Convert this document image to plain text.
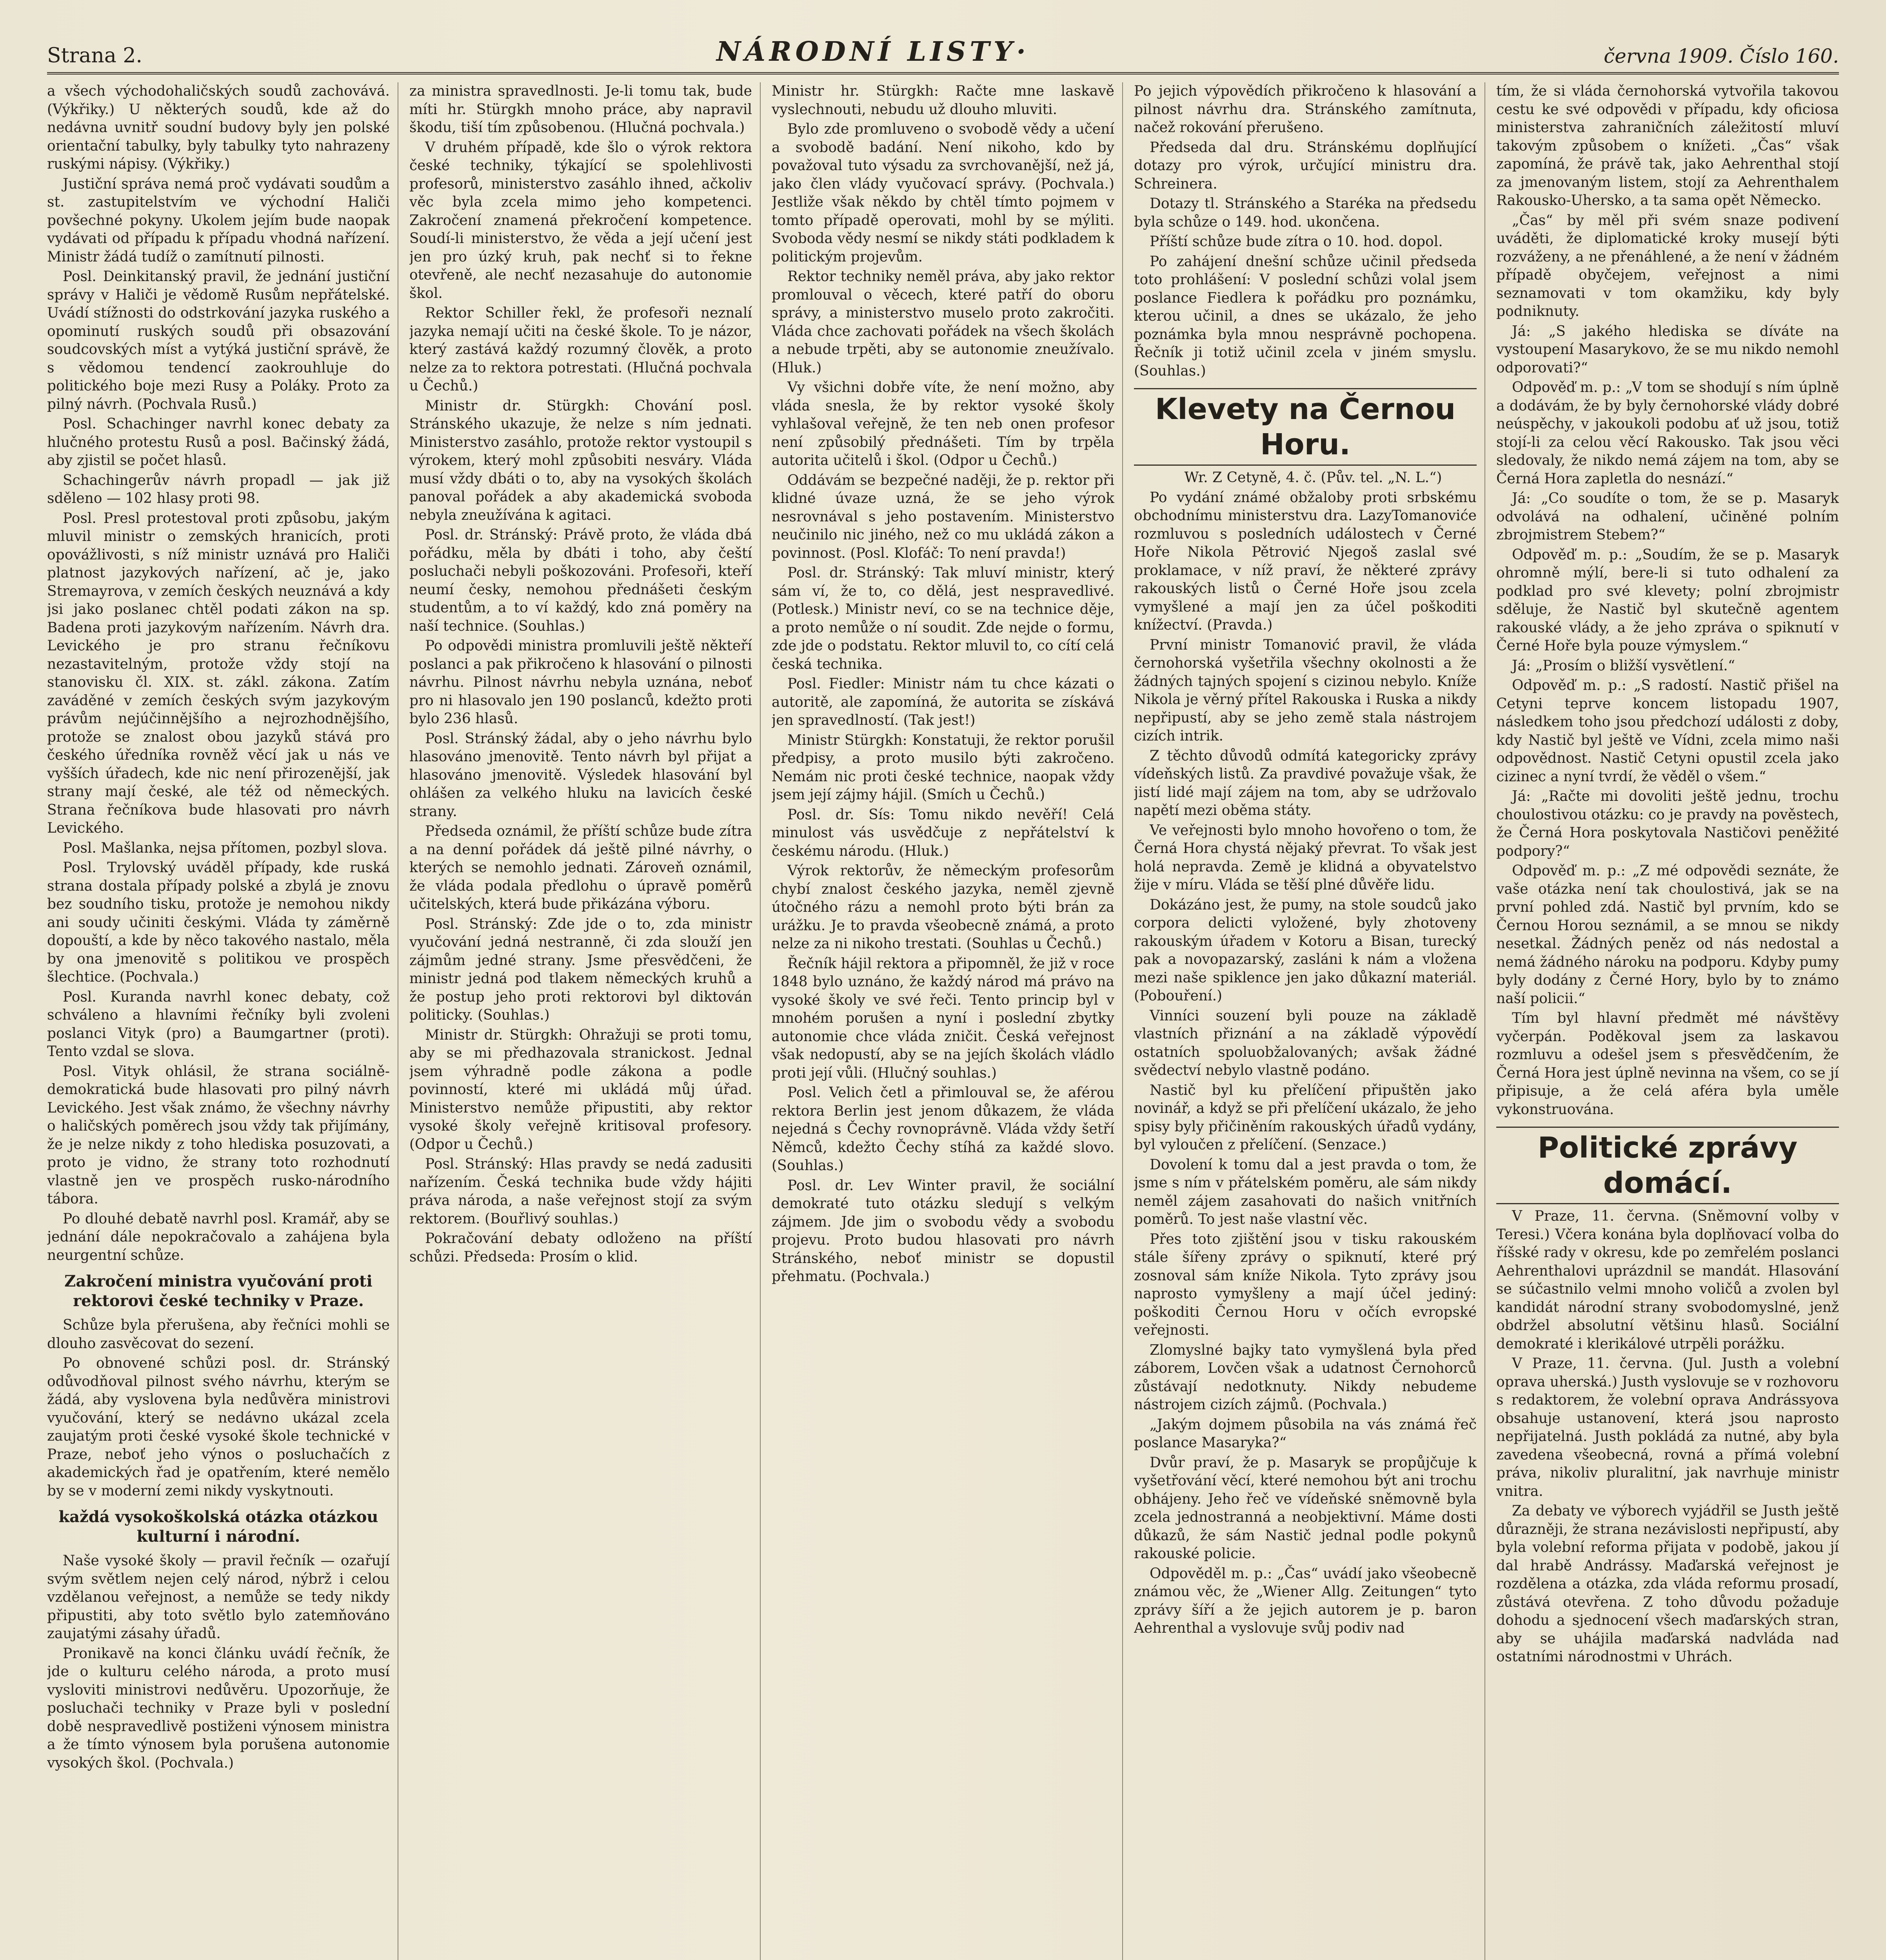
Strana 2.	NÁRODNÍ LISTY·	června 1909. Číslo 160.

a všech východohaličských soudů zachovává. (Výkřiky.) U některých soudů, kde až do nedávna uvnitř soudní budovy byly jen polské orientační tabulky, byly tabulky tyto nahrazeny ruskými nápisy. (Výkřiky.)

Justiční správa nemá proč vydávati soudům a st. zastupitelstvím ve východní Haliči povšechné pokyny. Ukolem jejím bude naopak vydávati od případu k případu vhodná nařízení. Ministr žádá tudíž o zamítnutí pilnosti.

Posl. Deinkitanský pravil, že jednání justiční správy v Haliči je vědomě Rusům nepřátelské. Uvádí stížnosti do odstrkování jazyka ruského a opominutí ruských soudů při obsazování soudcovských míst a vytýká justiční správě, že s vědomou tendencí zaokrouhluje do politického boje mezi Rusy a Poláky. Proto za pilný návrh. (Pochvala Rusů.)

Posl. Schachinger navrhl konec debaty za hlučného protestu Rusů a posl. Bačinský žádá, aby zjistil se počet hlasů.

Schachingerův návrh propadl — jak již sděleno — 102 hlasy proti 98.

Posl. Presl protestoval proti způsobu, jakým mluvil ministr o zemských hranicích, proti opovážlivosti, s níž ministr uznává pro Haliči platnost jazykových nařízení, ač je, jako Stremayrova, v zemích českých neuznává a kdy jsi jako poslanec chtěl podati zákon na sp. Badena proti jazykovým nařízením. Návrh dra. Levického je pro stranu řečníkovu nezastavitelným, protože vždy stojí na stanovisku čl. XIX. st. zákl. zákona. Zatím zaváděné v zemích českých svým jazykovým právům nejúčinnějšího a nejrozhodnějšího, protože se znalost obou jazyků stává pro českého úředníka rovněž věcí jak u nás ve vyšších úřadech, kde nic není přirozenější, jak strany mají české, ale též od německých. Strana řečníkova bude hlasovati pro návrh Levického.

Posl. Mašlanka, nejsa přítomen, pozbyl slova.

Posl. Trylovský uváděl případy, kde ruská strana dostala případy polské a zbylá je znovu bez soudního tisku, protože je nemohou nikdy ani soudy učiniti českými. Vláda ty záměrně dopouští, a kde by něco takového nastalo, měla by ona jmenovitě s politikou ve prospěch šlechtice. (Pochvala.)

Posl. Kuranda navrhl konec debaty, což schváleno a hlavními řečníky byli zvoleni poslanci Vityk (pro) a Baumgartner (proti). Tento vzdal se slova.

Posl. Vityk ohlásil, že strana sociálně-demokratická bude hlasovati pro pilný návrh Levického. Jest však známo, že všechny návrhy o haličských poměrech jsou vždy tak přijímány, že je nelze nikdy z toho hlediska posuzovati, a proto je vidno, že strany toto rozhodnutí vlastně jen ve prospěch rusko-národního tábora.

Po dlouhé debatě navrhl posl. Kramář, aby se jednání dále nepokračovalo a zahájena byla neurgentní schůze.

Zakročení ministra vyučování proti rektorovi české techniky v Praze.

Schůze byla přerušena, aby řečníci mohli se dlouho zasvěcovat do sezení.

Po obnovené schůzi posl. dr. Stránský odůvodňoval pilnost svého návrhu, kterým se žádá, aby vyslovena byla nedůvěra ministrovi vyučování, který se nedávno ukázal zcela zaujatým proti české vysoké škole technické v Praze, neboť jeho výnos o posluchačích z akademických řad je opatřením, které nemělo by se v moderní zemi nikdy vyskytnouti.

každá vysokoškolská otázka otázkou kulturní i národní.

Naše vysoké školy — pravil řečník — ozařují svým světlem nejen celý národ, nýbrž i celou vzdělanou veřejnost, a nemůže se tedy nikdy připustiti, aby toto světlo bylo zatemňováno zaujatými zásahy úřadů.

Pronikavě na konci článku uvádí řečník, že jde o kulturu celého národa, a proto musí vysloviti ministrovi nedůvěru. Upozorňuje, že posluchači techniky v Praze byli v poslední době nespravedlivě postiženi výnosem ministra a že tímto výnosem byla porušena autonomie vysokých škol. (Pochvala.)

za ministra spravedlnosti. Je-li tomu tak, bude míti hr. Stürgkh mnoho práce, aby napravil škodu, tiší tím způsobenou. (Hlučná pochvala.)

V druhém případě, kde šlo o výrok rektora české techniky, týkající se spolehlivosti profesorů, ministerstvo zasáhlo ihned, ačkoliv věc byla zcela mimo jeho kompetenci. Zakročení znamená překročení kompetence. Soudí-li ministerstvo, že věda a její učení jest jen pro úzký kruh, pak nechť si to řekne otevřeně, ale nechť nezasahuje do autonomie škol.

Rektor Schiller řekl, že profesoři neznalí jazyka nemají učiti na české škole. To je názor, který zastává každý rozumný člověk, a proto nelze za to rektora potrestati. (Hlučná pochvala u Čechů.)

Ministr dr. Stürgkh: Chování posl. Stránského ukazuje, že nelze s ním jednati. Ministerstvo zasáhlo, protože rektor vystoupil s výrokem, který mohl způsobiti nesváry. Vláda musí vždy dbáti o to, aby na vysokých školách panoval pořádek a aby akademická svoboda nebyla zneužívána k agitaci.

Posl. dr. Stránský: Právě proto, že vláda dbá pořádku, měla by dbáti i toho, aby čeští posluchači nebyli poškozováni. Profesoři, kteří neumí česky, nemohou přednášeti českým studentům, a to ví každý, kdo zná poměry na naší technice. (Souhlas.)

Po odpovědi ministra promluvili ještě někteří poslanci a pak přikročeno k hlasování o pilnosti návrhu. Pilnost návrhu nebyla uznána, neboť pro ni hlasovalo jen 190 poslanců, kdežto proti bylo 236 hlasů.

Posl. Stránský žádal, aby o jeho návrhu bylo hlasováno jmenovitě. Tento návrh byl přijat a hlasováno jmenovitě. Výsledek hlasování byl ohlášen za velkého hluku na lavicích české strany.

Předseda oznámil, že příští schůze bude zítra a na denní pořádek dá ještě pilné návrhy, o kterých se nemohlo jednati. Zároveň oznámil, že vláda podala předlohu o úpravě poměrů učitelských, která bude přikázána výboru.

Posl. Stránský: Zde jde o to, zda ministr vyučování jedná nestranně, či zda slouží jen zájmům jedné strany. Jsme přesvědčeni, že ministr jedná pod tlakem německých kruhů a že postup jeho proti rektorovi byl diktován politicky. (Souhlas.)

Ministr dr. Stürgkh: Ohražuji se proti tomu, aby se mi předhazovala stranickost. Jednal jsem výhradně podle zákona a podle povinností, které mi ukládá můj úřad. Ministerstvo nemůže připustiti, aby rektor vysoké školy veřejně kritisoval profesory. (Odpor u Čechů.)

Posl. Stránský: Hlas pravdy se nedá zadusiti nařízením. Česká technika bude vždy hájiti práva národa, a naše veřejnost stojí za svým rektorem. (Bouřlivý souhlas.)

Pokračování debaty odloženo na příští schůzi. Předseda: Prosím o klid.

Ministr hr. Stürgkh: Račte mne laskavě vyslechnouti, nebudu už dlouho mluviti.

Bylo zde promluveno o svobodě vědy a učení a svobodě badání. Není nikoho, kdo by považoval tuto výsadu za svrchovanější, než já, jako člen vlády vyučovací správy. (Pochvala.) Jestliže však někdo by chtěl tímto pojmem v tomto případě operovati, mohl by se mýliti. Svoboda vědy nesmí se nikdy státi podkladem k politickým projevům.

Rektor techniky neměl práva, aby jako rektor promlouval o věcech, které patří do oboru správy, a ministerstvo muselo proto zakročiti. Vláda chce zachovati pořádek na všech školách a nebude trpěti, aby se autonomie zneužívalo. (Hluk.)

Vy všichni dobře víte, že není možno, aby vláda snesla, že by rektor vysoké školy vyhlašoval veřejně, že ten neb onen profesor není způsobilý přednášeti. Tím by trpěla autorita učitelů i škol. (Odpor u Čechů.)

Oddávám se bezpečné naději, že p. rektor při klidné úvaze uzná, že se jeho výrok nesrovnával s jeho postavením. Ministerstvo neučinilo nic jiného, než co mu ukládá zákon a povinnost. (Posl. Klofáč: To není pravda!)

Posl. dr. Stránský: Tak mluví ministr, který sám ví, že to, co dělá, jest nespravedlivé. (Potlesk.) Ministr neví, co se na technice děje, a proto nemůže o ní soudit. Zde nejde o formu, zde jde o podstatu. Rektor mluvil to, co cítí celá česká technika.

Posl. Fiedler: Ministr nám tu chce kázati o autoritě, ale zapomíná, že autorita se získává jen spravedlností. (Tak jest!)

Ministr Stürgkh: Konstatuji, že rektor porušil předpisy, a proto musilo býti zakročeno. Nemám nic proti české technice, naopak vždy jsem její zájmy hájil. (Smích u Čechů.)

Posl. dr. Sís: Tomu nikdo nevěří! Celá minulost vás usvědčuje z nepřátelství k českému národu. (Hluk.)

Výrok rektorův, že německým profesorům chybí znalost českého jazyka, neměl zjevně útočného rázu a nemohl proto býti brán za urážku. Je to pravda všeobecně známá, a proto nelze za ni nikoho trestati. (Souhlas u Čechů.)

Řečník hájil rektora a připomněl, že již v roce 1848 bylo uznáno, že každý národ má právo na vysoké školy ve své řeči. Tento princip byl v mnohém porušen a nyní i poslední zbytky autonomie chce vláda zničit. Česká veřejnost však nedopustí, aby se na jejích školách vládlo proti její vůli. (Hlučný souhlas.)

Posl. Velich četl a přimlouval se, že aférou rektora Berlin jest jenom důkazem, že vláda nejedná s Čechy rovnoprávně. Vláda vždy šetří Němců, kdežto Čechy stíhá za každé slovo. (Souhlas.)

Posl. dr. Lev Winter pravil, že sociální demokraté tuto otázku sledují s velkým zájmem. Jde jim o svobodu vědy a svobodu projevu. Proto budou hlasovati pro návrh Stránského, neboť ministr se dopustil přehmatu. (Pochvala.)

Po jejich výpovědích přikročeno k hlasování a pilnost návrhu dra. Stránského zamítnuta, načež rokování přerušeno.

Předseda dal dru. Stránskému doplňující dotazy pro výrok, určující ministru dra. Schreinera.

Dotazy tl. Stránského a Staréka na předsedu byla schůze o 149. hod. ukončena.

Příští schůze bude zítra o 10. hod. dopol.

Po zahájení dnešní schůze učinil předseda toto prohlášení: V poslední schůzi volal jsem poslance Fiedlera k pořádku pro poznámku, kterou učinil, a dnes se ukázalo, že jeho poznámka byla mnou nesprávně pochopena. Řečník ji totiž učinil zcela v jiném smyslu. (Souhlas.)

Klevety na Černou Horu.

Wr. Z Cetyně, 4. č. (Pův. tel. „N. L.“)

Po vydání známé obžaloby proti srbskému obchodnímu ministerstvu dra. LazyTomanoviće rozmluvou s posledních událostech v Černé Hoře Nikola Pětrović Njegoš zaslal své proklamace, v níž praví, že některé zprávy rakouských listů o Černé Hoře jsou zcela vymyšlené a mají jen za účel poškoditi knížectví. (Pravda.)

První ministr Tomanović pravil, že vláda černohorská vyšetřila všechny okolnosti a že žádných tajných spojení s cizinou nebylo. Kníže Nikola je věrný přítel Rakouska i Ruska a nikdy nepřipustí, aby se jeho země stala nástrojem cizích intrik.

Z těchto důvodů odmítá kategoricky zprávy vídeňských listů. Za pravdivé považuje však, že jistí lidé mají zájem na tom, aby se udržovalo napětí mezi oběma státy.

Ve veřejnosti bylo mnoho hovořeno o tom, že Černá Hora chystá nějaký převrat. To však jest holá nepravda. Země je klidná a obyvatelstvo žije v míru. Vláda se těší plné důvěře lidu.

Dokázáno jest, že pumy, na stole soudců jako corpora delicti vyložené, byly zhotoveny rakouským úřadem v Kotoru a Bisan, turecký pak a novopazarský, zasláni k nám a vložena mezi naše spiklence jen jako důkazní materiál. (Pobouření.)

Vinníci souzení byli pouze na základě vlastních přiznání a na základě výpovědí ostatních spoluobžalovaných; avšak žádné svědectví nebylo vlastně podáno.

Nastič byl ku přelíčení připuštěn jako novinář, a když se při přelíčení ukázalo, že jeho spisy byly přičiněním rakouských úřadů vydány, byl vyloučen z přelíčení. (Senzace.)

Dovolení k tomu dal a jest pravda o tom, že jsme s ním v přátelském poměru, ale sám nikdy neměl zájem zasahovati do našich vnitřních poměrů. To jest naše vlastní věc.

Přes toto zjištění jsou v tisku rakouském stále šířeny zprávy o spiknutí, které prý zosnoval sám kníže Nikola. Tyto zprávy jsou naprosto vymyšleny a mají účel jediný: poškoditi Černou Horu v očích evropské veřejnosti.

Zlomyslné bajky tato vymyšlená byla před záborem, Lovčen však a udatnost Černohorců zůstávají nedotknuty. Nikdy nebudeme nástrojem cizích zájmů. (Pochvala.)

„Jakým dojmem působila na vás známá řeč poslance Masaryka?“

Dvůr praví, že p. Masaryk se propůjčuje k vyšetřování věcí, které nemohou být ani trochu obhájeny. Jeho řeč ve vídeňské sněmovně byla zcela jednostranná a neobjektivní. Máme dosti důkazů, že sám Nastič jednal podle pokynů rakouské policie.

Odpověděl m. p.: „Čas“ uvádí jako všeobecně známou věc, že „Wiener Allg. Zeitungen“ tyto zprávy šíří a že jejich autorem je p. baron Aehrenthal a vyslovuje svůj podiv nad

tím, že si vláda černohorská vytvořila takovou cestu ke své odpovědi v případu, kdy oficiosa ministerstva zahraničních záležitostí mluví takovým způsobem o knížeti. „Čas“ však zapomíná, že právě tak, jako Aehrenthal stojí za jmenovaným listem, stojí za Aehrenthalem Rakousko-Uhersko, a ta sama opět Německo.

„Čas“ by měl při svém snaze podivení uváděti, že diplomatické kroky musejí býti rozváženy, a ne přenáhlené, a že není v žádném případě obyčejem, veřejnost a nimi seznamovati v tom okamžiku, kdy byly podniknuty.

Já: „S jakého hlediska se díváte na vystoupení Masarykovo, že se mu nikdo nemohl odporovati?“

Odpověď m. p.: „V tom se shodují s ním úplně a dodávám, že by byly černohorské vlády dobré neúspěchy, v jakoukoli podobu ať už jsou, totiž stojí-li za celou věcí Rakousko. Tak jsou věci sledovaly, že nikdo nemá zájem na tom, aby se Černá Hora zapletla do nesnází.“

Já: „Co soudíte o tom, že se p. Masaryk odvolává na odhalení, učiněné polním zbrojmistrem Stebem?“

Odpověď m. p.: „Soudím, že se p. Masaryk ohromně mýlí, bere-li si tuto odhalení za podklad pro své klevety; polní zbrojmistr sděluje, že Nastič byl skutečně agentem rakouské vlády, a že jeho zpráva o spiknutí v Černé Hoře byla pouze výmyslem.“

Já: „Prosím o bližší vysvětlení.“

Odpověď m. p.: „S radostí. Nastič přišel na Cetyni teprve koncem listopadu 1907, následkem toho jsou předchozí události z doby, kdy Nastič byl ještě ve Vídni, zcela mimo naši odpovědnost. Nastič Cetyni opustil zcela jako cizinec a nyní tvrdí, že věděl o všem.“

Já: „Račte mi dovoliti ještě jednu, trochu choulostivou otázku: co je pravdy na pověstech, že Černá Hora poskytovala Nastičovi peněžité podpory?“

Odpověď m. p.: „Z mé odpovědi seznáte, že vaše otázka není tak choulostivá, jak se na první pohled zdá. Nastič byl prvním, kdo se Černou Horou seznámil, a se mnou se nikdy nesetkal. Žádných peněz od nás nedostal a nemá žádného nároku na podporu. Kdyby pumy byly dodány z Černé Hory, bylo by to známo naší policii.“

Tím byl hlavní předmět mé návštěvy vyčerpán. Poděkoval jsem za laskavou rozmluvu a odešel jsem s přesvědčením, že Černá Hora jest úplně nevinna na všem, co se jí připisuje, a že celá aféra byla uměle vykonstruována.

Politické zprávy domácí.

V Praze, 11. června. (Sněmovní volby v Teresi.) Včera konána byla doplňovací volba do říšské rady v okresu, kde po zemřelém poslanci Aehrenthalovi uprázdnil se mandát. Hlasování se súčastnilo velmi mnoho voličů a zvolen byl kandidát národní strany svobodomyslné, jenž obdržel absolutní většinu hlasů. Sociální demokraté i klerikálové utrpěli porážku.

V Praze, 11. června. (Jul. Justh a volební oprava uherská.) Justh vyslovuje se v rozhovoru s redaktorem, že volební oprava Andrássyova obsahuje ustanovení, která jsou naprosto nepřijatelná. Justh pokládá za nutné, aby byla zavedena všeobecná, rovná a přímá volební práva, nikoliv pluralitní, jak navrhuje ministr vnitra.

Za debaty ve výborech vyjádřil se Justh ještě důrazněji, že strana nezávislosti nepřipustí, aby byla volební reforma přijata v podobě, jakou jí dal hrabě Andrássy. Maďarská veřejnost je rozdělena a otázka, zda vláda reformu prosadí, zůstává otevřena. Z toho důvodu požaduje dohodu a sjednocení všech maďarských stran, aby se uhájila maďarská nadvláda nad ostatními národnostmi v Uhrách.
